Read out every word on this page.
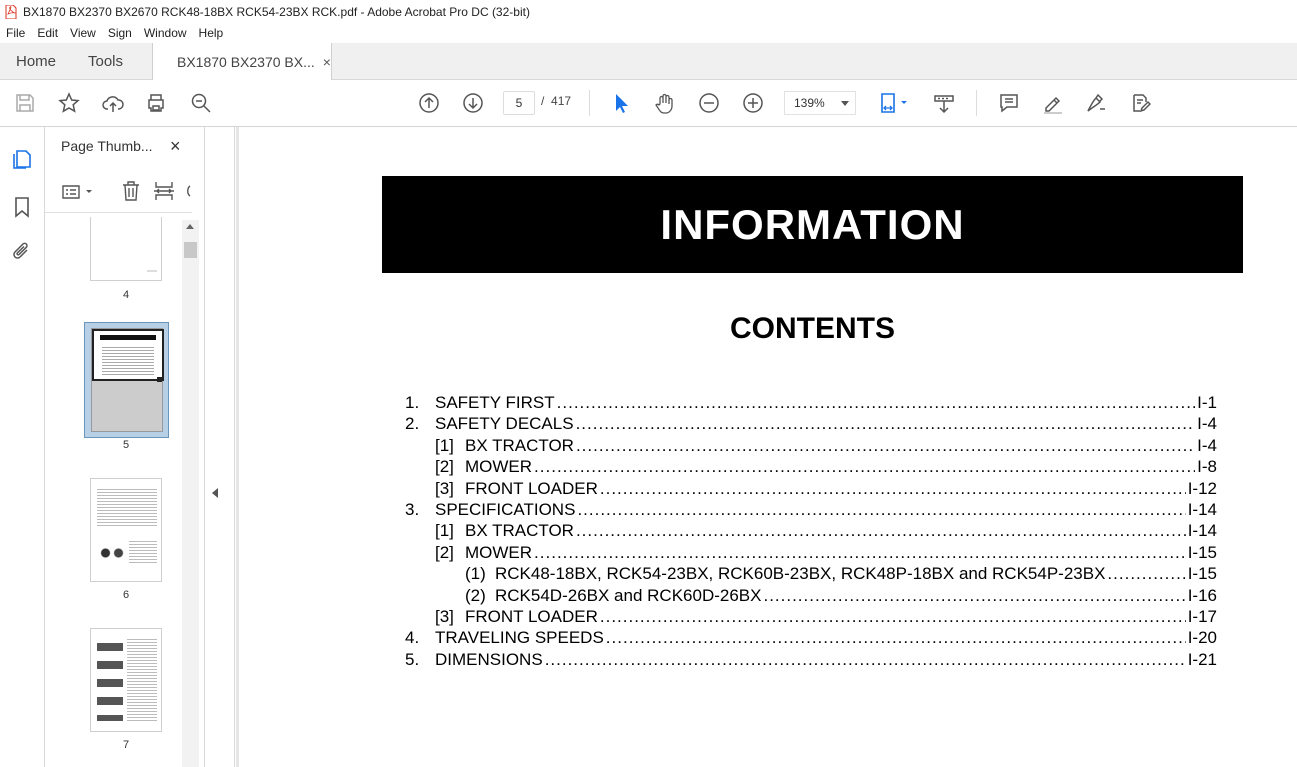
BX1870 BX2370 BX2670 RCK48-18BX RCK54-23BX RCK.pdf - Adobe Acrobat Pro DC (32-bit)
File	Edit	View	Sign	Window	Help
Home Tools	BX1870 BX2370 BX... ×
5	/ 417	139%
Page Thumb... ×
4
5
6
7
INFORMATION
CONTENTS
1. SAFETY FIRST .....	I-1
2. SAFETY DECALS .....	I-4
[1] BX TRACTOR .....	I-4
[2] MOWER .....	I-8
[3] FRONT LOADER .....	I-12
3. SPECIFICATIONS .....	I-14
[1] BX TRACTOR .....	I-14
[2] MOWER .....	I-15
(1) RCK48-18BX, RCK54-23BX, RCK60B-23BX, RCK48P-18BX and RCK54P-23BX .....	I-15
(2) RCK54D-26BX and RCK60D-26BX .....	I-16
[3] FRONT LOADER .....	I-17
4. TRAVELING SPEEDS .....	I-20
5. DIMENSIONS .....	I-21
